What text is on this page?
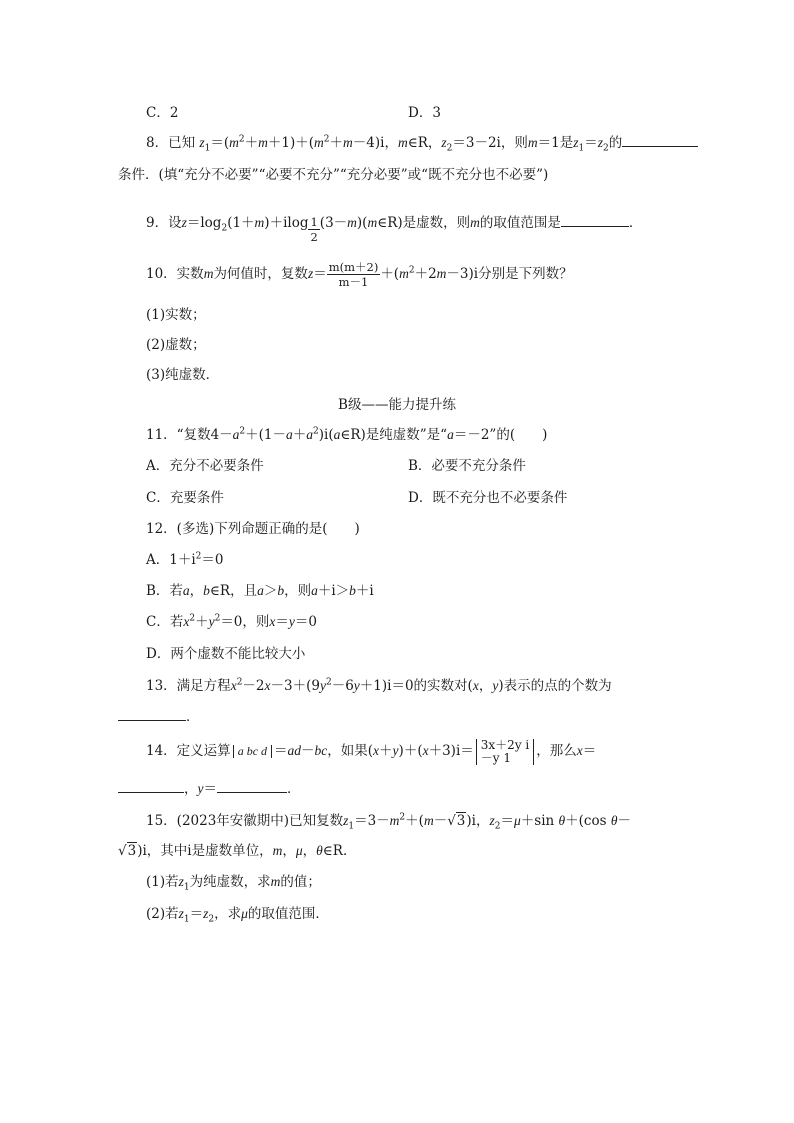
C．2	D．3
8．已知 $z_1=(m^2+m+1)+(m^2+m-4)i$，m∈R，$z_2=3-2i$，则m＝1是$z_1=z_2$的
条件．(填“充分不必要”“必要不充分”“充分必要”或“既不充分也不必要”)
9．设$z=\log_2(1+m)+ilog \frac{1}{2}$ (3－m)(m∈R)是虚数，则m的取值范围是	．
10．实数m为何值时，复数$z= \frac{m(m+2)}{m-1} +(m^2+2m-3)i$分别是下列数？
(1)实数；
(2)虚数；
(3)纯虚数．
B级——能力提升练
11．“复数$4-a^2+(1-a+a^2)i(a\in R)$是纯虚数”是“a＝－2”的(　　)
A．充分不必要条件	B．必要不充分条件
C．充要条件	D．既不充分也不必要条件
12．(多选)下列命题正确的是(　　)
A．$1+i^2=0$
B．若a，b∈R，且a＞b，则a＋i＞b＋i
C．若$x^2+y^2=0$，则x＝y＝0
D．两个虚数不能比较大小
13．满足方程$x^2-2x-3+(9y^2-6y+1)i=0$的实数对(x，y)表示的点的个数为
．
14．定义运算 a bc d ＝ad－bc，如果(x＋y)＋(x＋3)i＝ 3x＋2y i
－y 1	，那么x＝
，y＝	．
15．(2023年安徽期中)已知复数$z_1=3-m^2+(m-√3)i$，$z_2=\mu+\sin$ θ＋(cos θ－
√3)i，其中i是虚数单位，m，μ，θ∈R．
(1)若$z_1$为纯虚数，求m的值；
(2)若$z_1=z_2$，求μ的取值范围．
